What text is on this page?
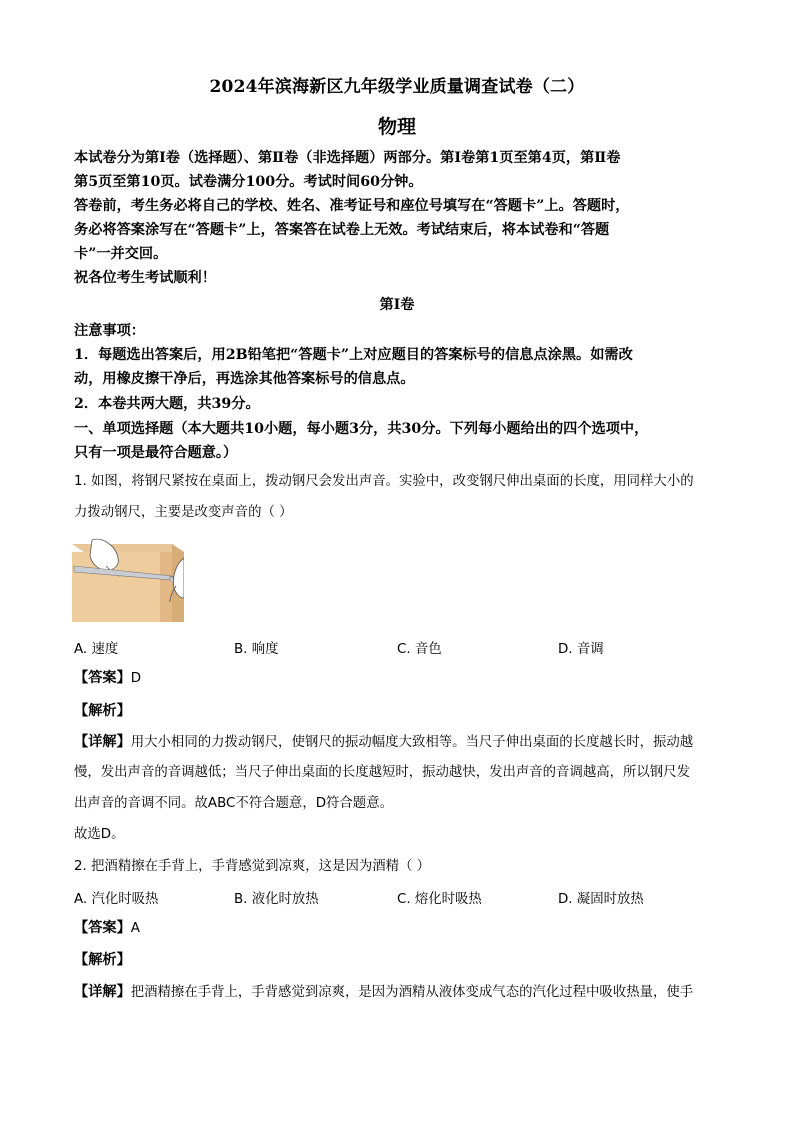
2024年滨海新区九年级学业质量调查试卷（二）
物理
本试卷分为第Ⅰ卷（选择题）、第Ⅱ卷（非选择题）两部分。第Ⅰ卷第1页至第4页，第Ⅱ卷
第5页至第10页。试卷满分100分。考试时间60分钟。
答卷前，考生务必将自己的学校、姓名、准考证号和座位号填写在“答题卡”上。答题时，
务必将答案涂写在“答题卡”上，答案答在试卷上无效。考试结束后，将本试卷和“答题
卡”一并交回。
祝各位考生考试顺利！
第Ⅰ卷
注意事项：
1．每题选出答案后，用2B铅笔把“答题卡”上对应题目的答案标号的信息点涂黑。如需改
动，用橡皮擦干净后，再选涂其他答案标号的信息点。
2．本卷共两大题，共39分。
一、单项选择题（本大题共10小题，每小题3分，共30分。下列每小题给出的四个选项中，
只有一项是最符合题意。）
1. 如图，将钢尺紧按在桌面上，拨动钢尺会发出声音。实验中，改变钢尺伸出桌面的长度，用同样大小的
力拨动钢尺，主要是改变声音的（ ）
A. 速度	B. 响度	C. 音色	D. 音调
【答案】D
【解析】
【详解】用大小相同的力拨动钢尺，使钢尺的振动幅度大致相等。当尺子伸出桌面的长度越长时，振动越
慢，发出声音的音调越低；当尺子伸出桌面的长度越短时，振动越快，发出声音的音调越高，所以钢尺发
出声音的音调不同。故ABC不符合题意，D符合题意。
故选D。
2. 把酒精擦在手背上，手背感觉到凉爽，这是因为酒精（ ）
A. 汽化时吸热	B. 液化时放热	C. 熔化时吸热	D. 凝固时放热
【答案】A
【解析】
【详解】把酒精擦在手背上，手背感觉到凉爽，是因为酒精从液体变成气态的汽化过程中吸收热量，使手
